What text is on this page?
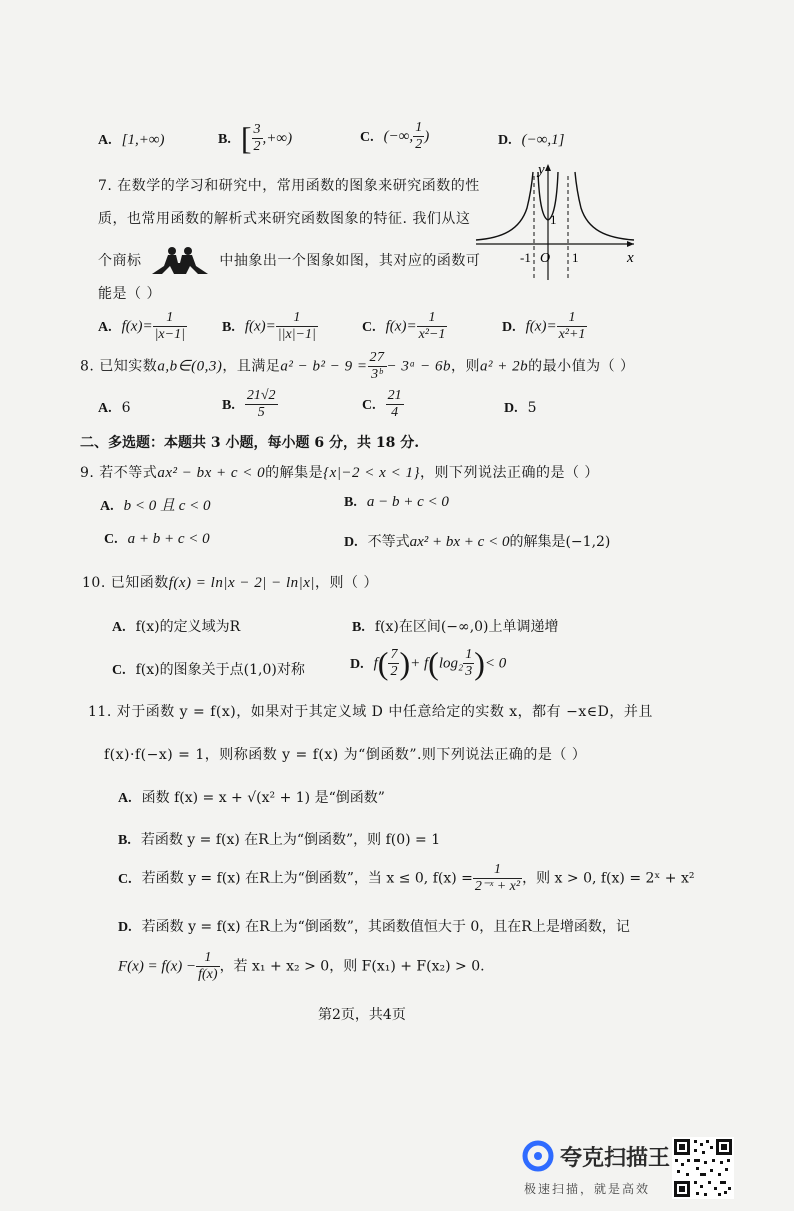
A. [1,+∞)	B. [ $\frac{3}{2}$ ,+∞)	C. (−∞, $\frac{1}{2}$ )	D. (−∞,1]
7. 在数学的学习和研究中，常用函数的图象来研究函数的性
质，也常用函数的解析式来研究函数图象的特征. 我们从这
个商标	中抽象出一个图象如图，其对应的函数可
能是（ ）
y
x
O
-1	1
1
A. $f(x)= \frac{1}{|x-1|}$	B. $f(x)= \frac{1}{||x|-1|}$	C. $f(x)= \frac{1}{\text{x²−1}}$	D. $f(x)= \frac{1}{\text{x²+1}}$
8. 已知实数a,b∈(0,3)，且满足$a^2 - b^2 - 9 = \frac{27}{\text{3ᵇ}}$ − 3ᵃ − 6b，则a² + 2b的最小值为（ ）
A. 6	B. $\frac{21√2}{5}$	C. $\frac{21}{4}$	D. 5
二、多选题：本题共 3 小题，每小题 6 分，共 18 分.
9. 若不等式ax² − bx + c < 0的解集是{x|−2 < x < 1}，则下列说法正确的是（ ）
A. b < 0 且 c < 0	B. a − b + c < 0
C. a + b + c < 0	D. 不等式ax² + bx + c < 0的解集是(−1,2)
10. 已知函数f(x) = ln|x − 2| − ln|x|，则（ ）
A. f(x)的定义域为R	B. f(x)在区间(−∞,0)上单调递增
C. f(x)的图象关于点(1,0)对称	D. $f( \frac{7}{2}$ )+ $f(\log_2 \frac{1}{3}$ )< 0
11. 对于函数 y = f(x)，如果对于其定义域 D 中任意给定的实数 x，都有 −x∈D，并且
f(x)·f(−x) = 1，则称函数 y = f(x) 为“倒函数”.则下列说法正确的是（ ）
A. 函数 f(x) = x + √(x² + 1) 是“倒函数”
B. 若函数 y = f(x) 在R上为“倒函数”，则 f(0) = 1
C. 若函数 y = f(x) 在R上为“倒函数”，当 x ≤ 0, $f(x) = \frac{1}{\text{2⁻ˣ + x²}}$ ，则 x > 0, f(x) = 2ˣ + x²
D. 若函数 y = f(x) 在R上为“倒函数”，其函数值恒大于 0，且在R上是增函数，记
$F(x) = f(x) - \frac{1}{f(x)}$ ，若 x₁ + x₂ > 0，则 F(x₁) + F(x₂) > 0.
第2页，共4页
夸克扫描王
极速扫描，就是高效
